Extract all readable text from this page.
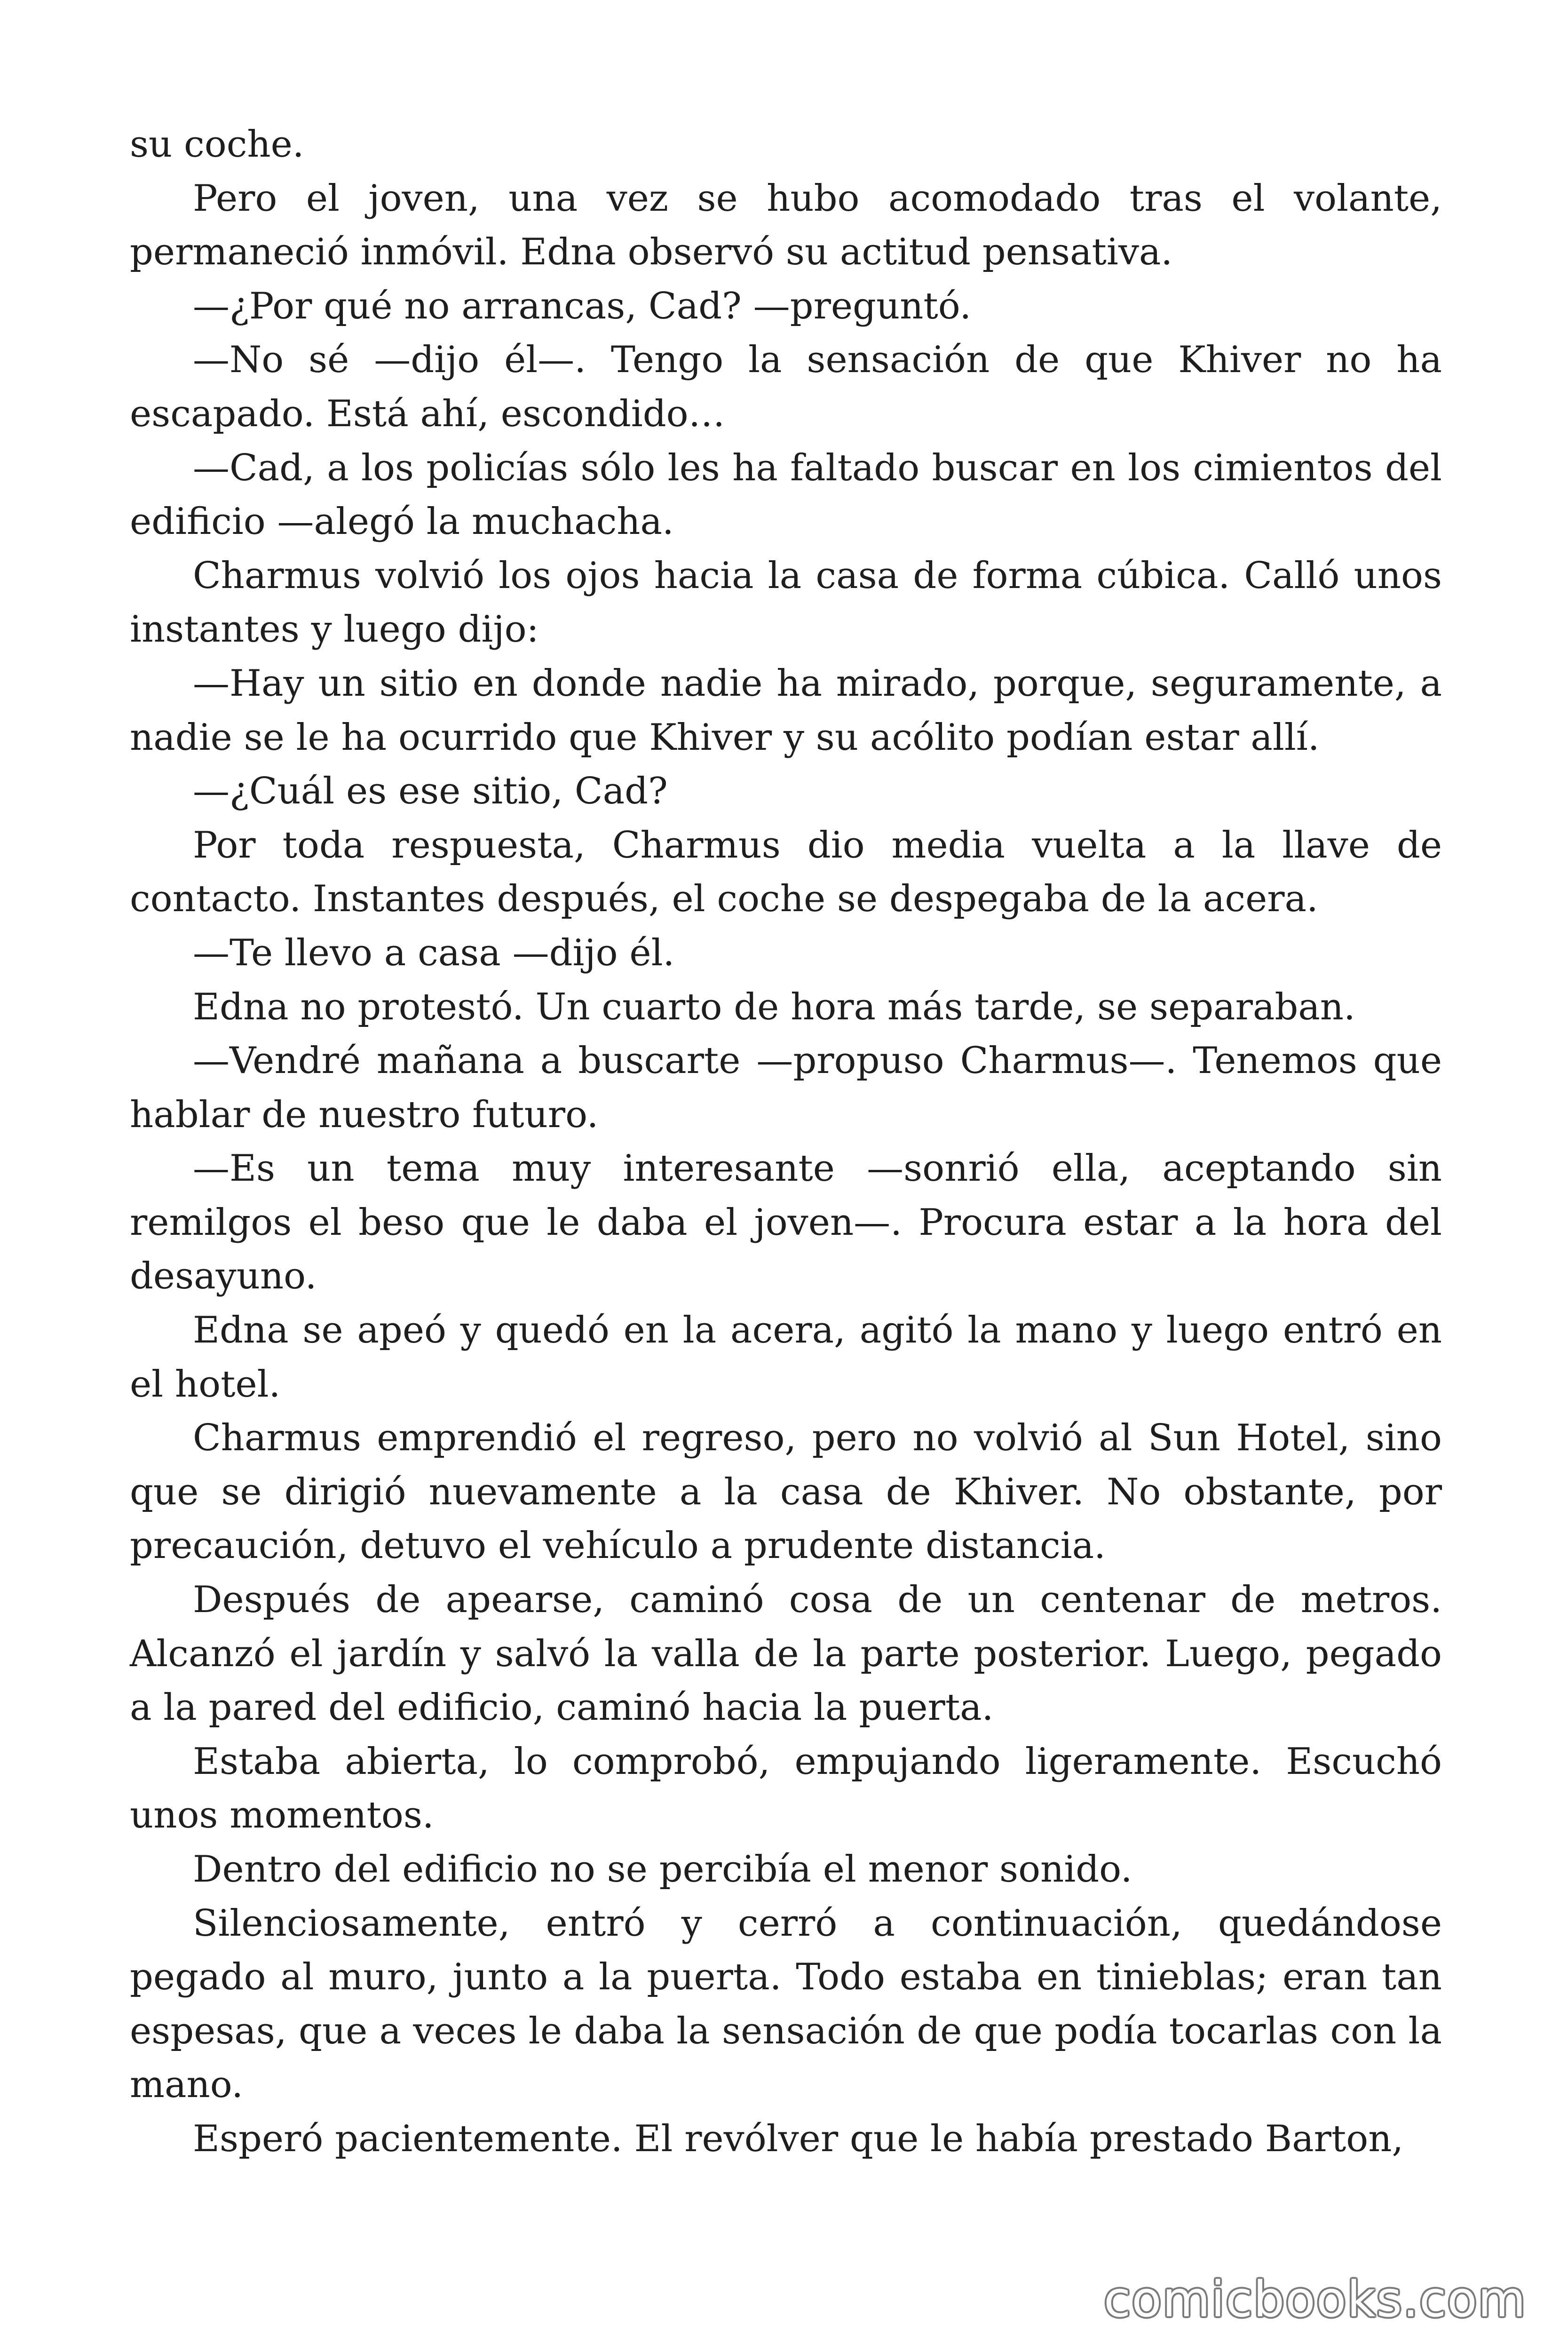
su coche.

Pero el joven, una vez se hubo acomodado tras el volante, permaneció inmóvil. Edna observó su actitud pensativa.

—¿Por qué no arrancas, Cad? —preguntó.

—No sé —dijo él—. Tengo la sensación de que Khiver no ha escapado. Está ahí, escondido…

—Cad, a los policías sólo les ha faltado buscar en los cimientos del edificio —alegó la muchacha.

Charmus volvió los ojos hacia la casa de forma cúbica. Calló unos instantes y luego dijo:

—Hay un sitio en donde nadie ha mirado, porque, seguramente, a nadie se le ha ocurrido que Khiver y su acólito podían estar allí.

—¿Cuál es ese sitio, Cad?

Por toda respuesta, Charmus dio media vuelta a la llave de contacto. Instantes después, el coche se despegaba de la acera.

—Te llevo a casa —dijo él.

Edna no protestó. Un cuarto de hora más tarde, se separaban.

—Vendré mañana a buscarte —propuso Charmus—. Tenemos que hablar de nuestro futuro.

—Es un tema muy interesante —sonrió ella, aceptando sin remilgos el beso que le daba el joven—. Procura estar a la hora del desayuno.

Edna se apeó y quedó en la acera, agitó la mano y luego entró en el hotel.

Charmus emprendió el regreso, pero no volvió al Sun Hotel, sino que se dirigió nuevamente a la casa de Khiver. No obstante, por precaución, detuvo el vehículo a prudente distancia.

Después de apearse, caminó cosa de un centenar de metros. Alcanzó el jardín y salvó la valla de la parte posterior. Luego, pegado a la pared del edificio, caminó hacia la puerta.

Estaba abierta, lo comprobó, empujando ligeramente. Escuchó unos momentos.

Dentro del edificio no se percibía el menor sonido.

Silenciosamente, entró y cerró a continuación, quedándose pegado al muro, junto a la puerta. Todo estaba en tinieblas; eran tan espesas, que a veces le daba la sensación de que podía tocarlas con la mano.

Esperó pacientemente. El revólver que le había prestado Barton,

comicbooks.com
